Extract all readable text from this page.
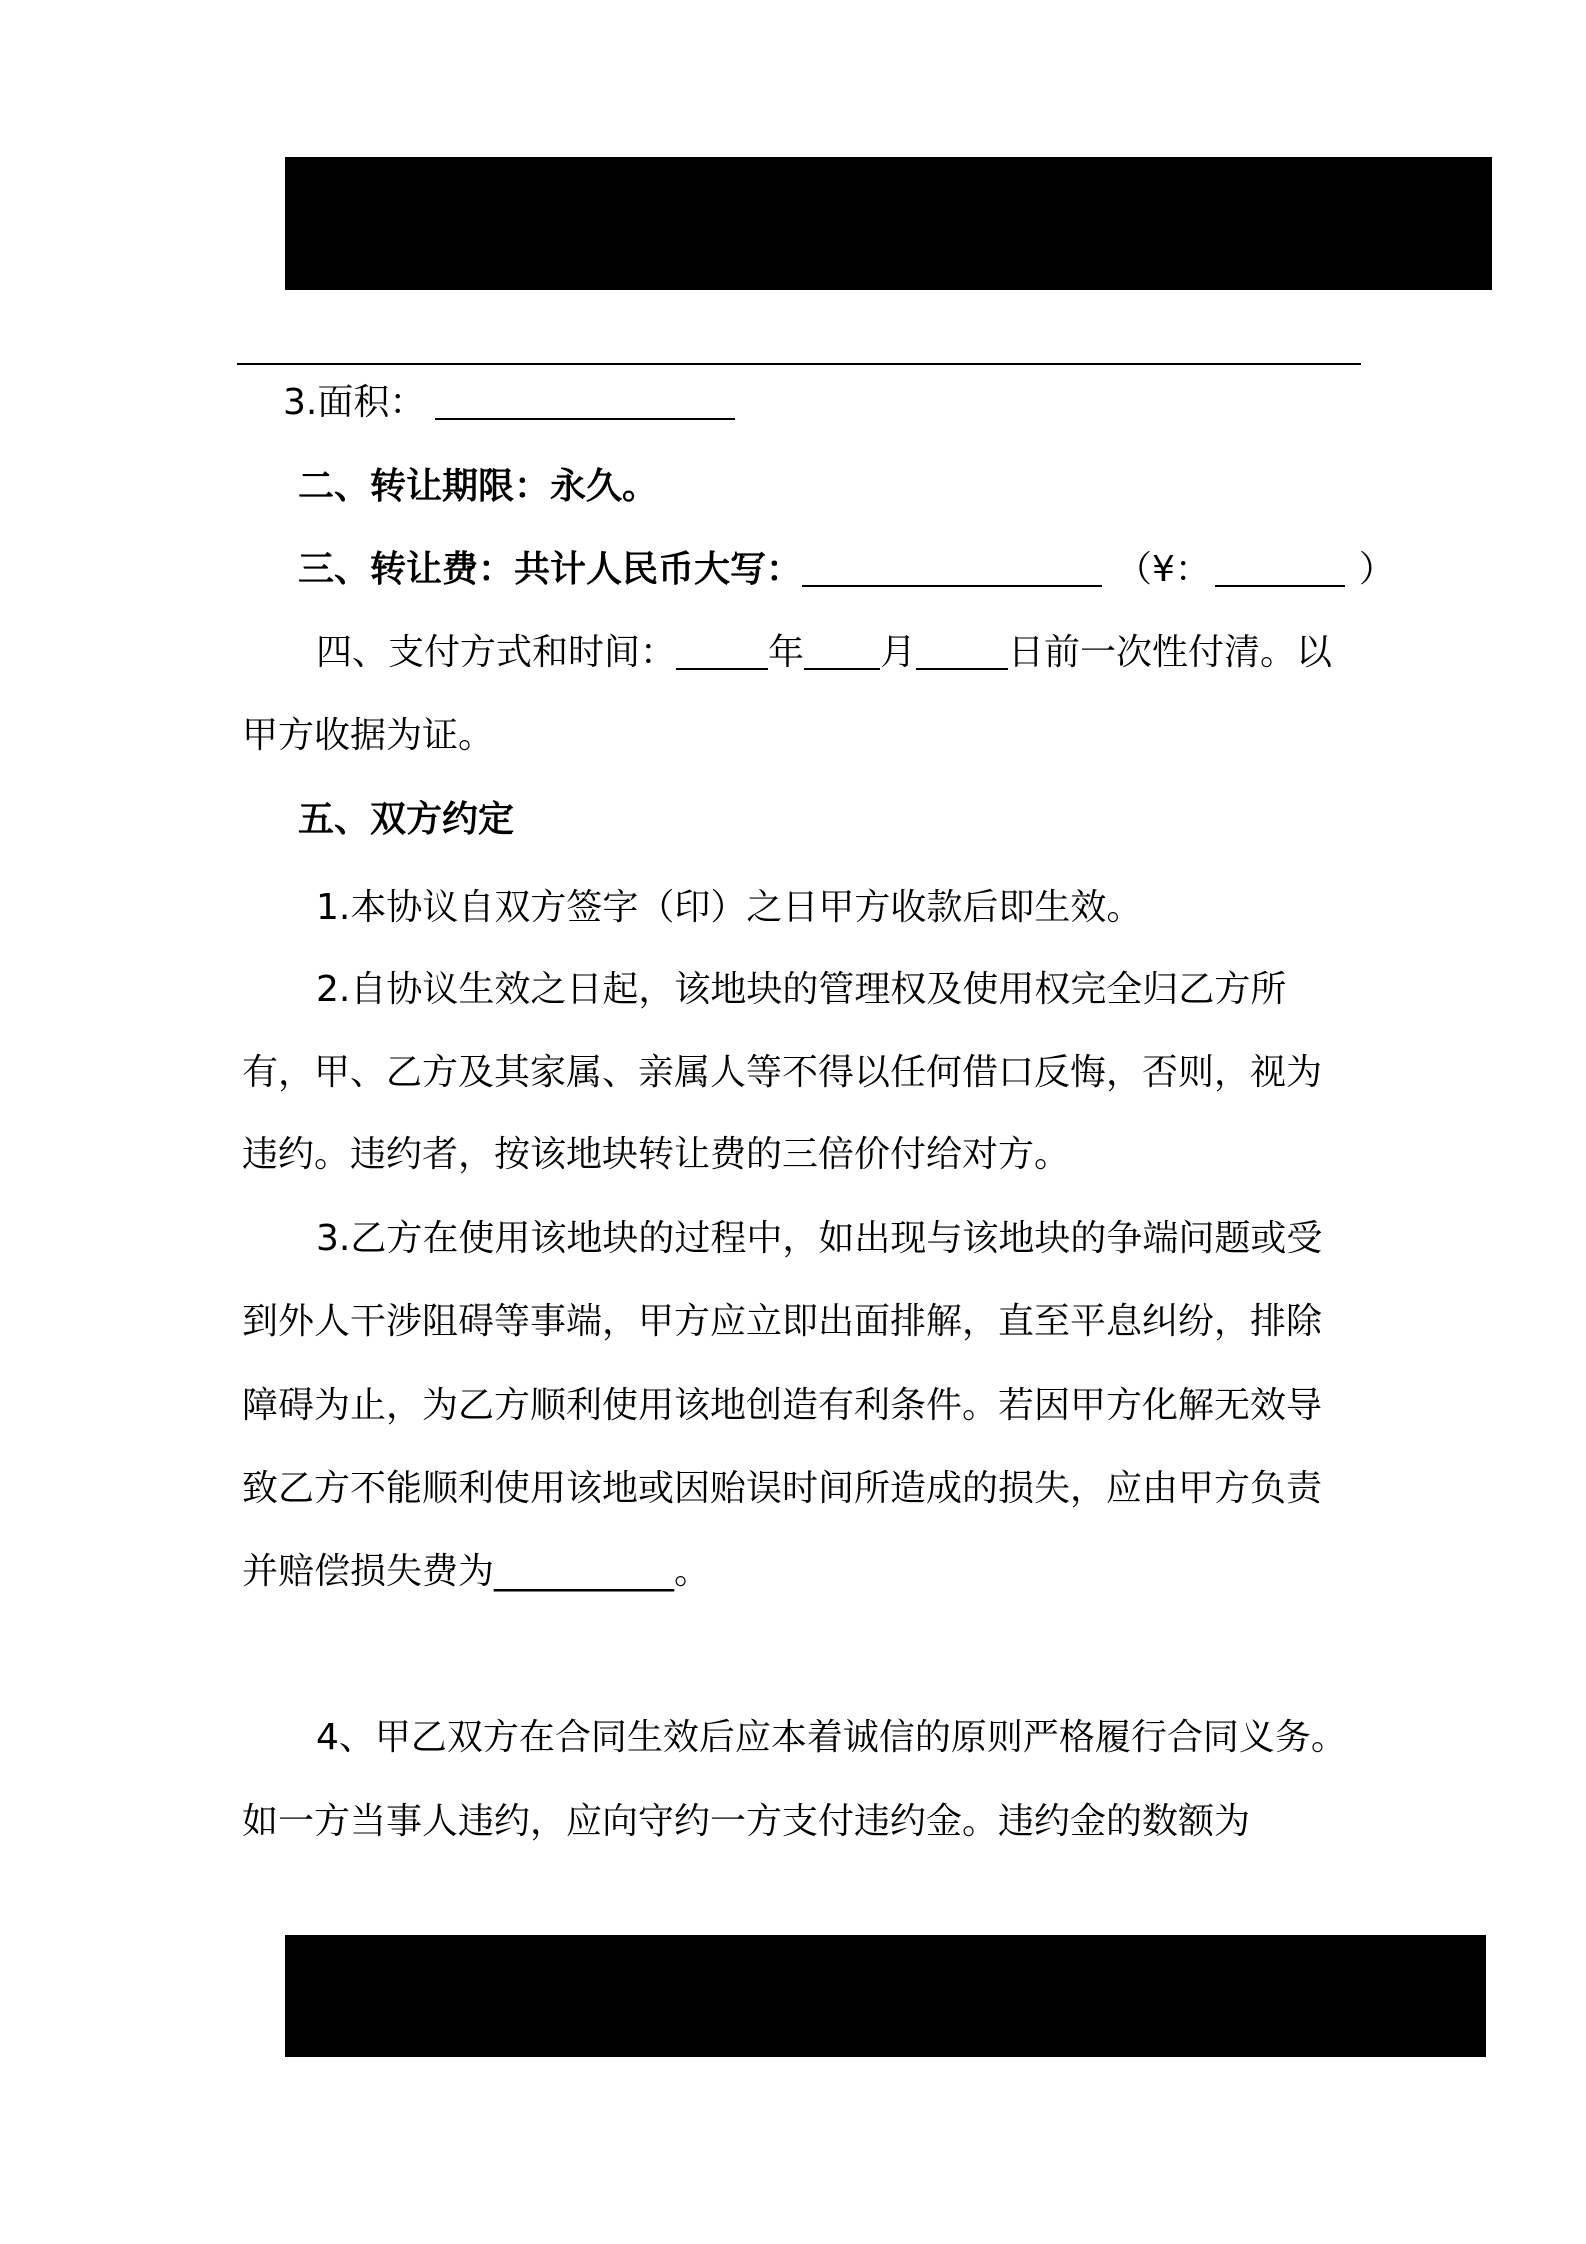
3.面积：
二、转让期限：永久。
三、转让费：共计人民币大写：	（¥：	）
四、支付方式和时间：	年 月	日前一次性付清。以
甲方收据为证。
五、双方约定
1.本协议自双方签字（印）之日甲方收款后即生效。
2.自协议生效之日起，该地块的管理权及使用权完全归乙方所
有，甲、乙方及其家属、亲属人等不得以任何借口反悔，否则，视为
违约。违约者，按该地块转让费的三倍价付给对方。
3.乙方在使用该地块的过程中，如出现与该地块的争端问题或受
到外人干涉阻碍等事端，甲方应立即出面排解，直至平息纠纷，排除
障碍为止，为乙方顺利使用该地创造有利条件。若因甲方化解无效导
致乙方不能顺利使用该地或因贻误时间所造成的损失，应由甲方负责
并赔偿损失费为__________。
4、甲乙双方在合同生效后应本着诚信的原则严格履行合同义务。
如一方当事人违约，应向守约一方支付违约金。违约金的数额为
